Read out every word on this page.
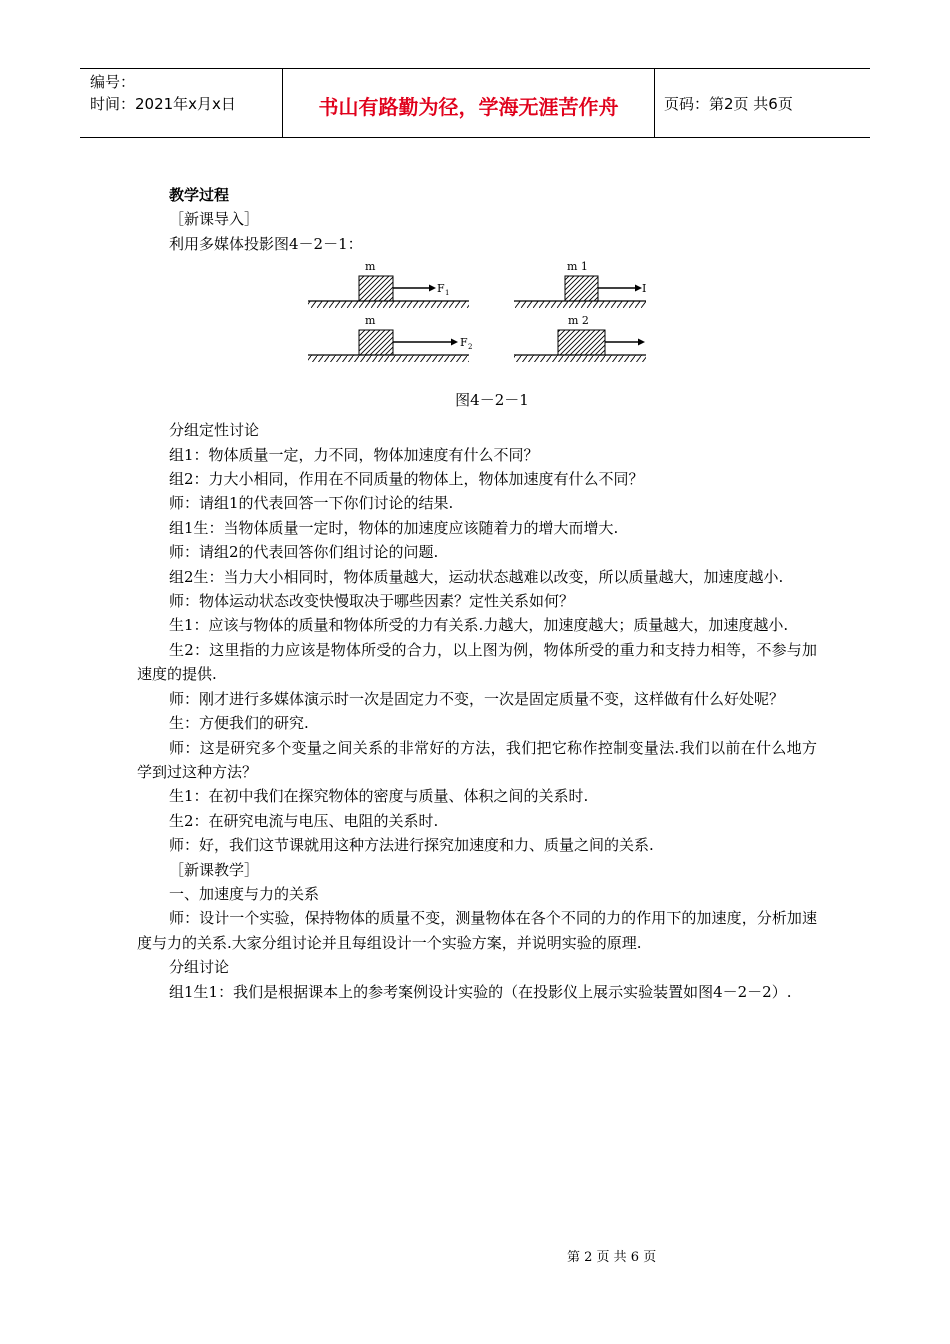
编号：
时间：2021年x月x日	书山有路勤为径，学海无涯苦作舟	页码：第2页 共6页

教学过程

［新课导入］

利用多媒体投影图4－2－1：

m
F 1
m 1
I
m
F 2
m 2
图4－2－1

分组定性讨论

组1：物体质量一定，力不同，物体加速度有什么不同？

组2：力大小相同，作用在不同质量的物体上，物体加速度有什么不同？

师：请组1的代表回答一下你们讨论的结果.

组1生：当物体质量一定时，物体的加速度应该随着力的增大而增大.

师：请组2的代表回答你们组讨论的问题.

组2生：当力大小相同时，物体质量越大，运动状态越难以改变，所以质量越大，加速度越小.

师：物体运动状态改变快慢取决于哪些因素？定性关系如何？

生1：应该与物体的质量和物体所受的力有关系.力越大，加速度越大；质量越大，加速度越小.

生2：这里指的力应该是物体所受的合力，以上图为例，物体所受的重力和支持力相等，不参与加速度的提供.

师：刚才进行多媒体演示时一次是固定力不变，一次是固定质量不变，这样做有什么好处呢？

生：方便我们的研究.

师：这是研究多个变量之间关系的非常好的方法，我们把它称作控制变量法.我们以前在什么地方学到过这种方法？

生1：在初中我们在探究物体的密度与质量、体积之间的关系时.

生2：在研究电流与电压、电阻的关系时.

师：好，我们这节课就用这种方法进行探究加速度和力、质量之间的关系.

［新课教学］

一、加速度与力的关系

师：设计一个实验，保持物体的质量不变，测量物体在各个不同的力的作用下的加速度，分析加速度与力的关系.大家分组讨论并且每组设计一个实验方案，并说明实验的原理.

分组讨论

组1生1：我们是根据课本上的参考案例设计实验的（在投影仪上展示实验装置如图4－2－2）.

第 2 页 共 6 页
